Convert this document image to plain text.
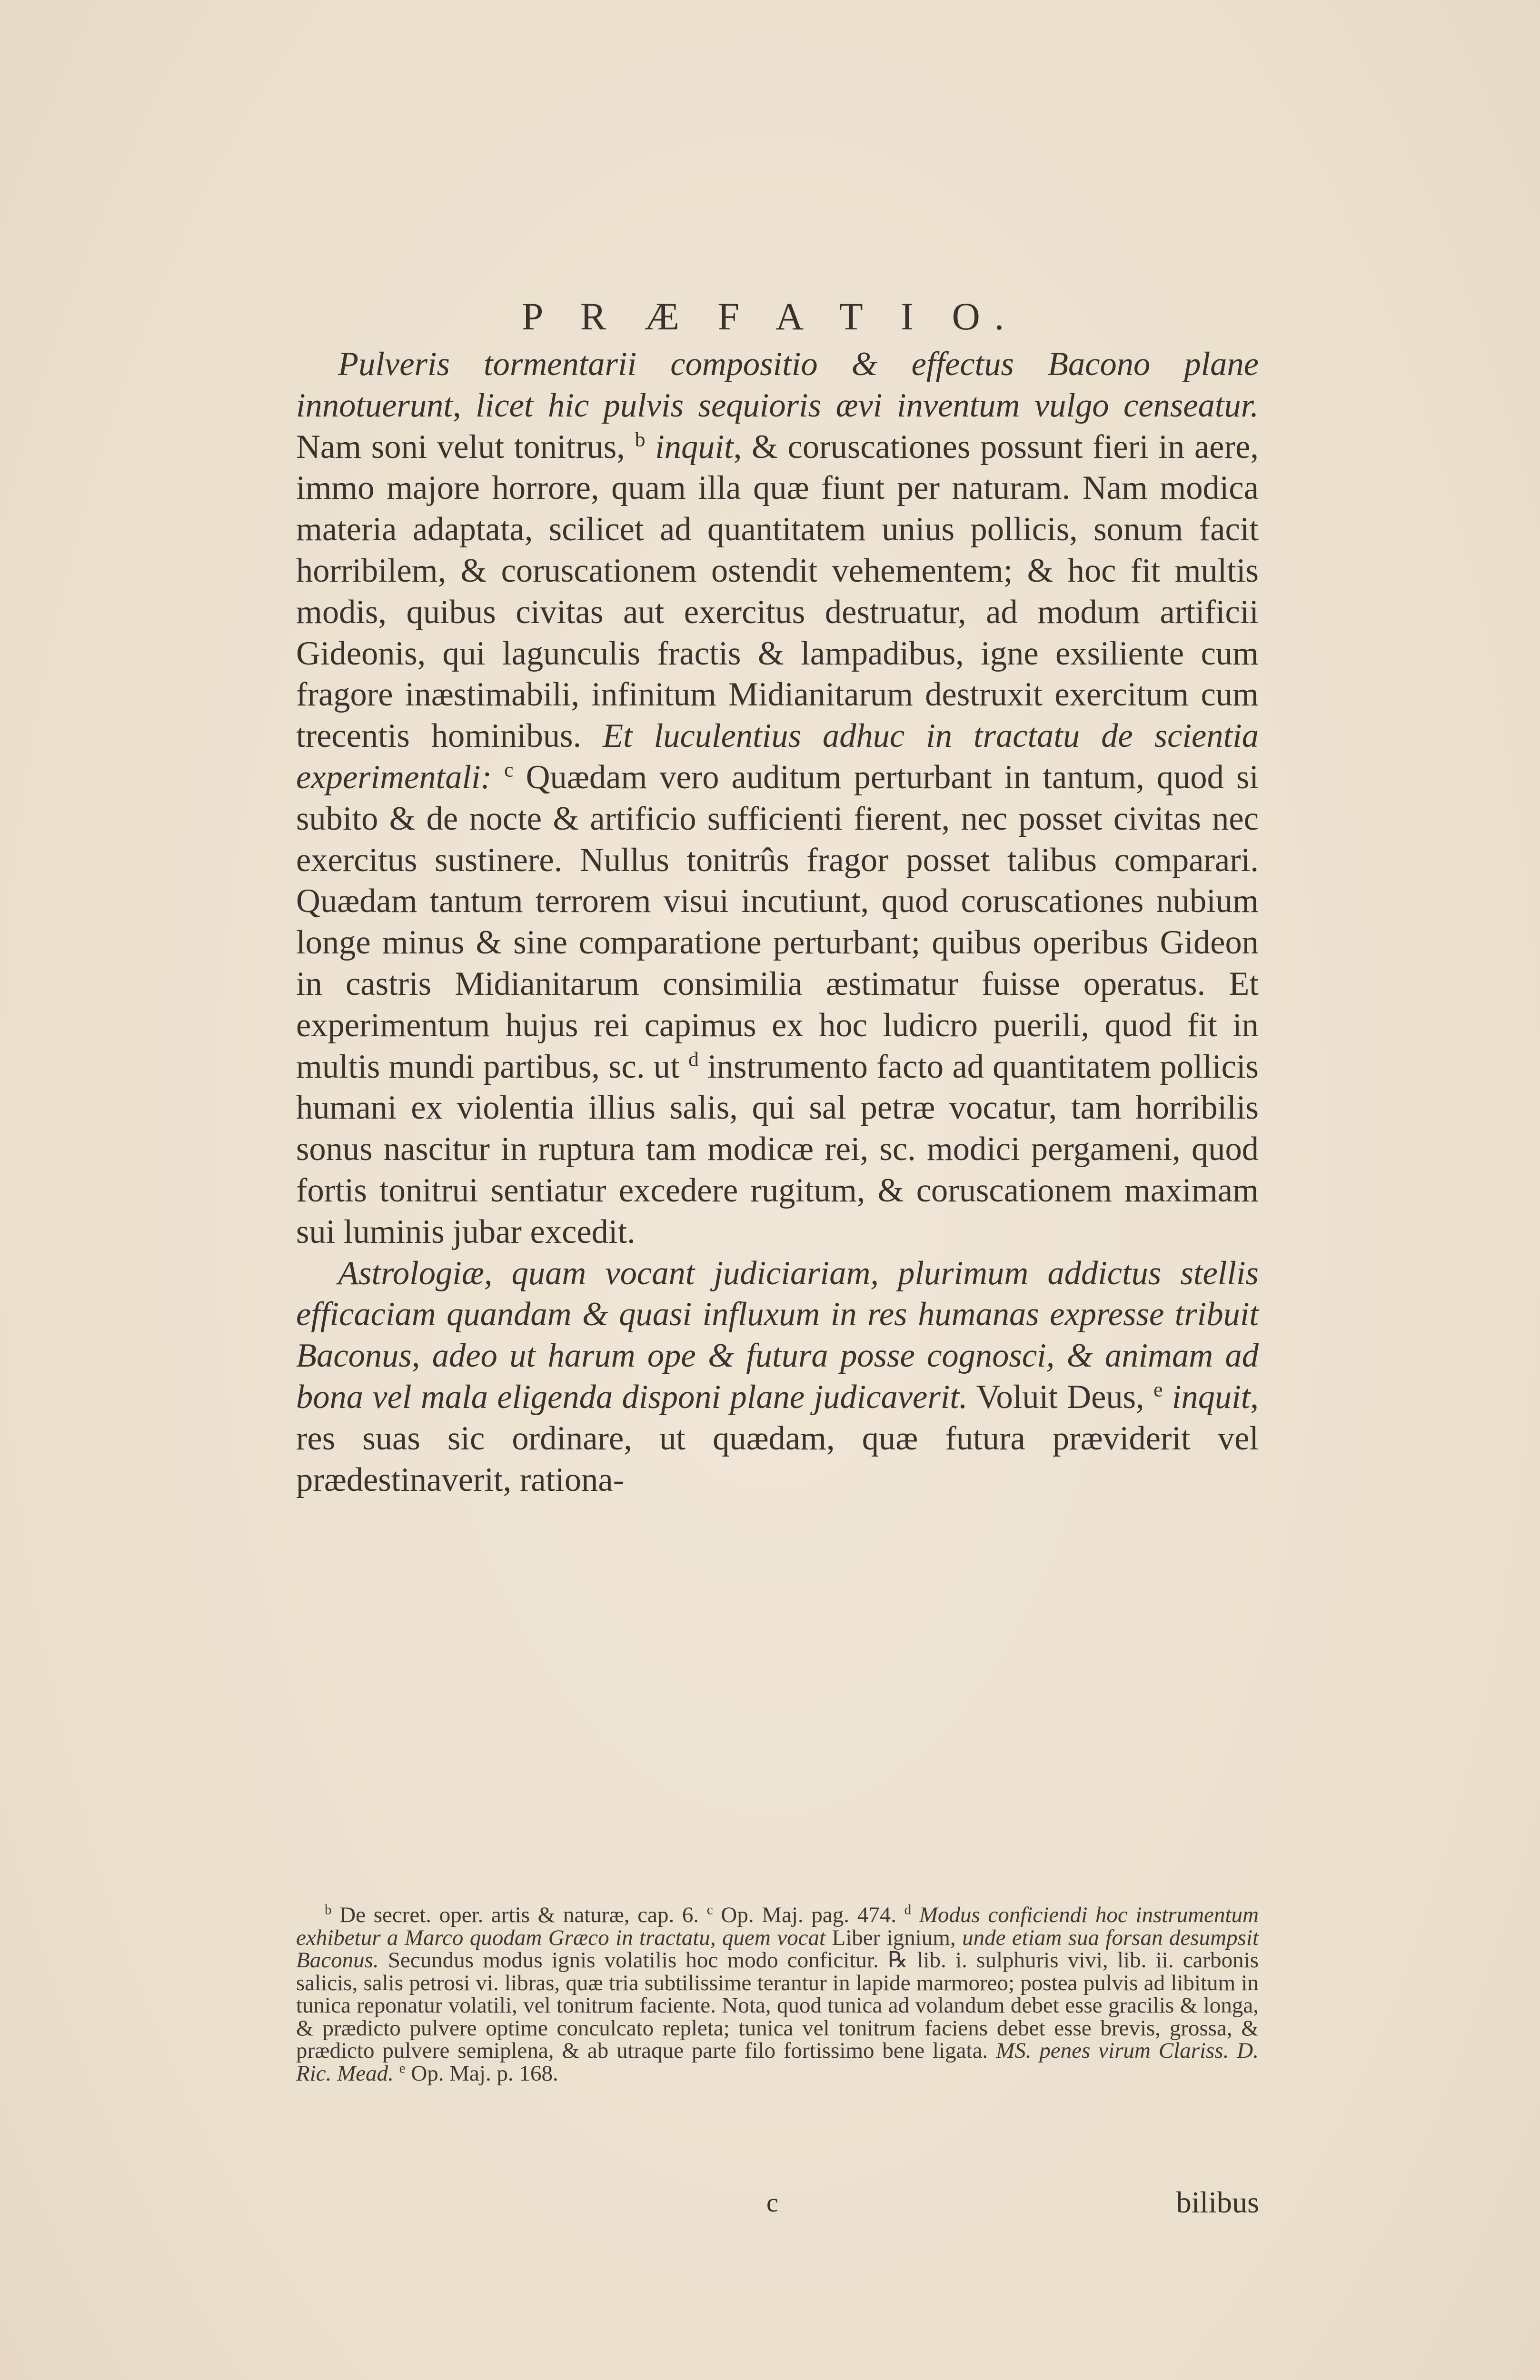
P R Æ F A T I O.

Pulveris tormentarii compositio & effectus Bacono plane innotuerunt, licet hic pulvis sequioris ævi inventum vulgo censeatur. Nam soni velut tonitrus, $^b$ inquit, & coruscationes possunt fieri in aere, immo majore horrore, quam illa quæ fiunt per naturam. Nam modica materia adaptata, scilicet ad quantitatem unius pollicis, sonum facit horribilem, & coruscationem ostendit vehementem; & hoc fit multis modis, quibus civitas aut exercitus destruatur, ad modum artificii Gideonis, qui lagunculis fractis & lampadibus, igne exsiliente cum fragore inæstimabili, infinitum Midianitarum destruxit exercitum cum trecentis hominibus. Et luculentius adhuc in tractatu de scientia experimentali: $^c$ Quædam vero auditum perturbant in tantum, quod si subito & de nocte & artificio sufficienti fierent, nec posset civitas nec exercitus sustinere. Nullus tonitrûs fragor posset talibus comparari. Quædam tantum terrorem visui incutiunt, quod coruscationes nubium longe minus & sine comparatione perturbant; quibus operibus Gideon in castris Midianitarum consimilia æstimatur fuisse operatus. Et experimentum hujus rei capimus ex hoc ludicro puerili, quod fit in multis mundi partibus, sc. ut $^d$ instrumento facto ad quantitatem pollicis humani ex violentia illius salis, qui sal petræ vocatur, tam horribilis sonus nascitur in ruptura tam modicæ rei, sc. modici pergameni, quod fortis tonitrui sentiatur excedere rugitum, & coruscationem maximam sui luminis jubar excedit.

Astrologiæ, quam vocant judiciariam, plurimum addictus stellis efficaciam quandam & quasi influxum in res humanas expresse tribuit Baconus, adeo ut harum ope & futura posse cognosci, & animam ad bona vel mala eligenda disponi plane judicaverit. Voluit Deus, $^e$ inquit, res suas sic ordinare, ut quædam, quæ futura præviderit vel prædestinaverit, rationa-

$^b$ De secret. oper. artis & naturæ, cap. 6. $^c$ Op. Maj. pag. 474. $^d$ Modus conficiendi hoc instrumentum exhibetur a Marco quodam Græco in tractatu, quem vocat Liber ignium, unde etiam sua forsan desumpsit Baconus. Secundus modus ignis volatilis hoc modo conficitur. ℞ lib. i. sulphuris vivi, lib. ii. carbonis salicis, salis petrosi vi. libras, quæ tria subtilissime terantur in lapide marmoreo; postea pulvis ad libitum in tunica reponatur volatili, vel tonitrum faciente. Nota, quod tunica ad volandum debet esse gracilis & longa, & prædicto pulvere optime conculcato repleta; tunica vel tonitrum faciens debet esse brevis, grossa, & prædicto pulvere semiplena, & ab utraque parte filo fortissimo bene ligata. MS. penes virum Clariss. D. Ric. Mead. $^e$ Op. Maj. p. 168.

c	bilibus
